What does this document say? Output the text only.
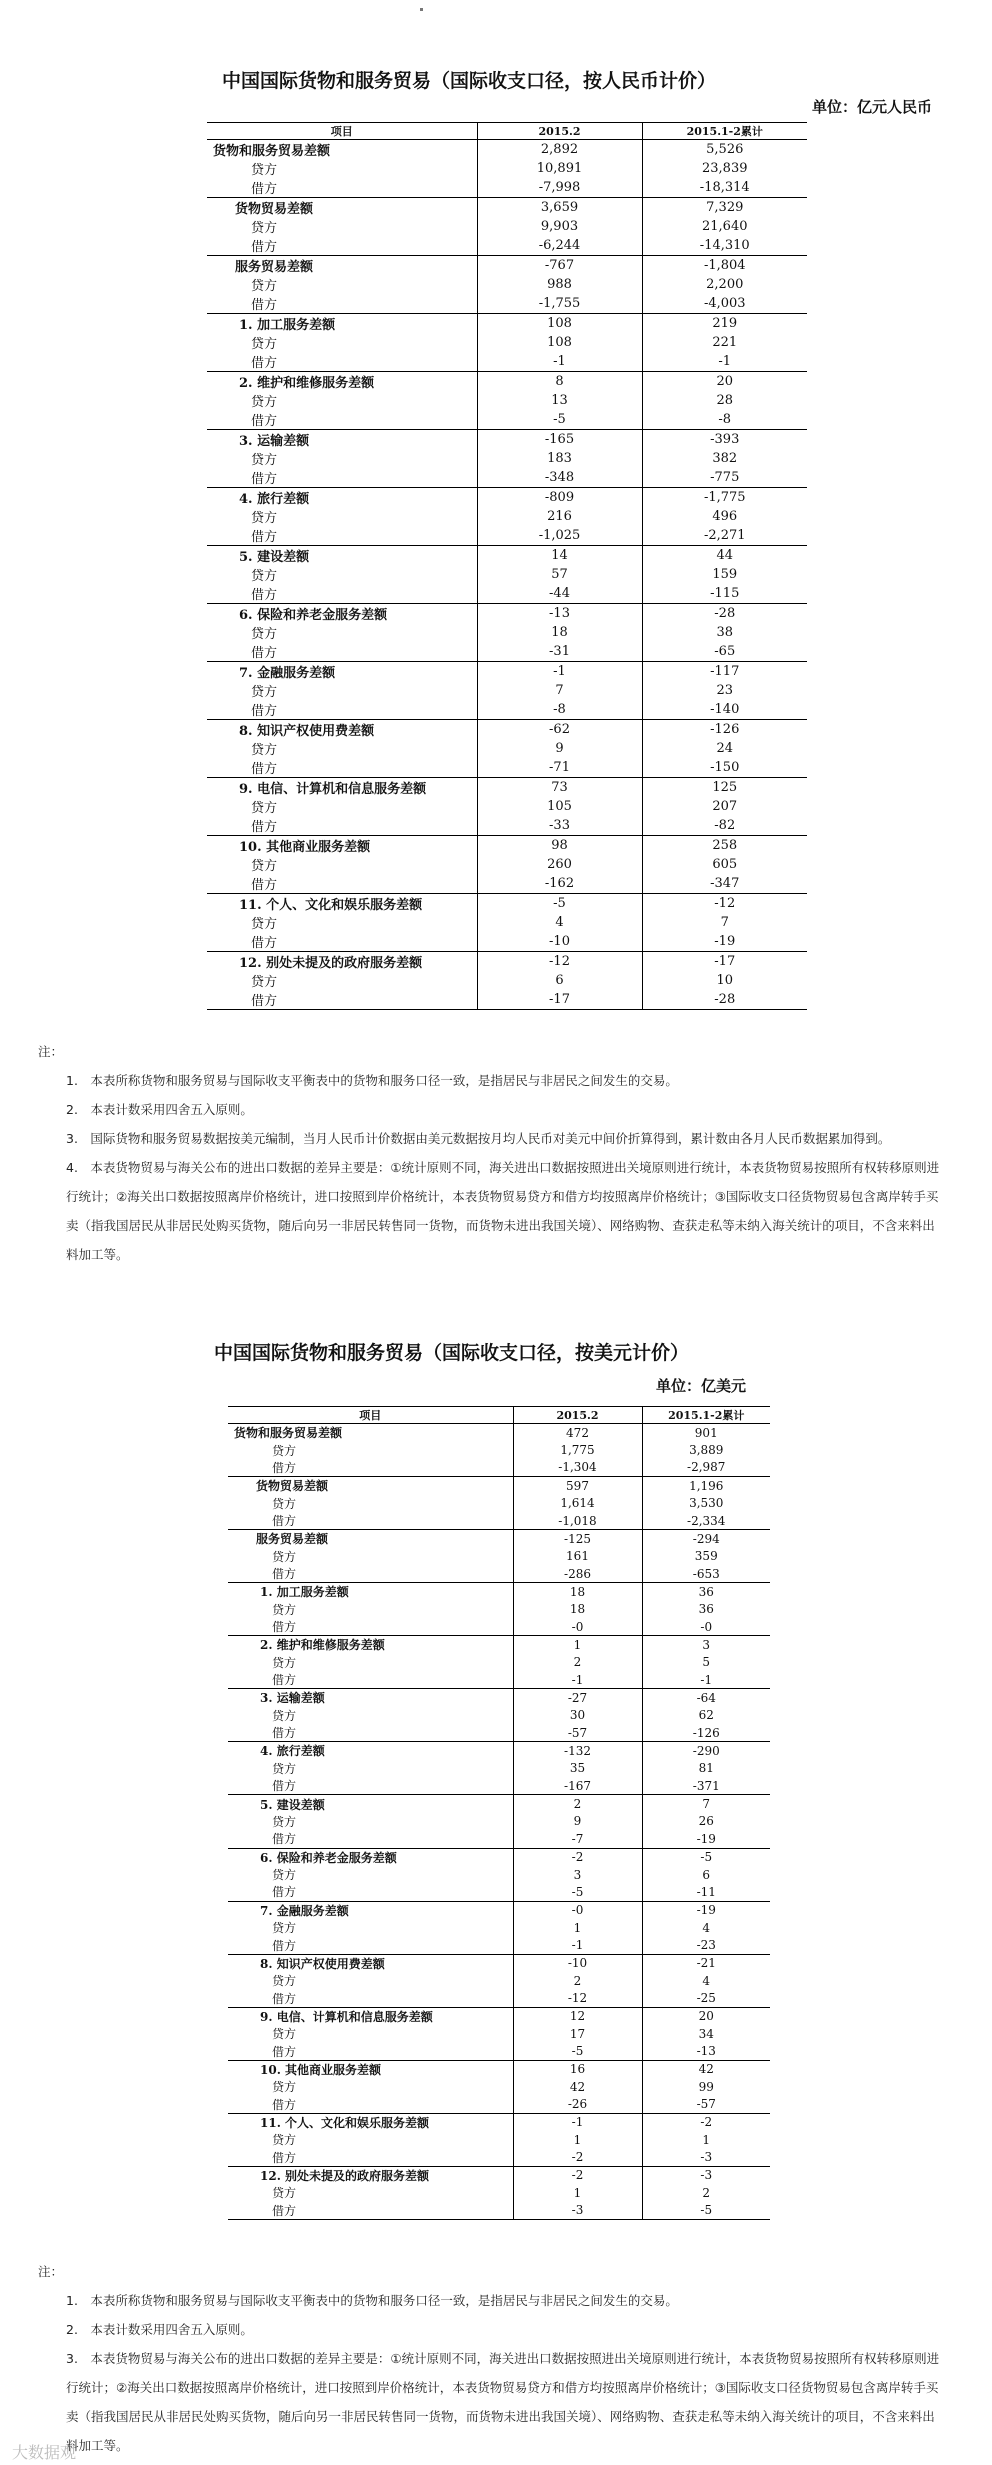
中国国际货物和服务贸易（国际收支口径，按人民币计价）
单位：亿元人民币
项目	2015.2	2015.1-2累计
货物和服务贸易差额	2,892	5,526
贷方	10,891	23,839
借方	-7,998	-18,314
货物贸易差额	3,659	7,329
贷方	9,903	21,640
借方	-6,244	-14,310
服务贸易差额	-767	-1,804
贷方	988	2,200
借方	-1,755	-4,003
1. 加工服务差额	108	219
贷方	108	221
借方	-1	-1
2. 维护和维修服务差额	8	20
贷方	13	28
借方	-5	-8
3. 运输差额	-165	-393
贷方	183	382
借方	-348	-775
4. 旅行差额	-809	-1,775
贷方	216	496
借方	-1,025	-2,271
5. 建设差额	14	44
贷方	57	159
借方	-44	-115
6. 保险和养老金服务差额	-13	-28
贷方	18	38
借方	-31	-65
7. 金融服务差额	-1	-117
贷方	7	23
借方	-8	-140
8. 知识产权使用费差额	-62	-126
贷方	9	24
借方	-71	-150
9. 电信、计算机和信息服务差额	73	125
贷方	105	207
借方	-33	-82
10. 其他商业服务差额	98	258
贷方	260	605
借方	-162	-347
11. 个人、文化和娱乐服务差额	-5	-12
贷方	4	7
借方	-10	-19
12. 别处未提及的政府服务差额	-12	-17
贷方	6	10
借方	-17	-28

注：

1.　本表所称货物和服务贸易与国际收支平衡表中的货物和服务口径一致，是指居民与非居民之间发生的交易。

2.　本表计数采用四舍五入原则。

3.　国际货物和服务贸易数据按美元编制，当月人民币计价数据由美元数据按月均人民币对美元中间价折算得到，累计数由各月人民币数据累加得到。

4.　本表货物贸易与海关公布的进出口数据的差异主要是：①统计原则不同，海关进出口数据按照进出关境原则进行统计，本表货物贸易按照所有权转移原则进行统计；②海关出口数据按照离岸价格统计，进口按照到岸价格统计，本表货物贸易贷方和借方均按照离岸价格统计；③国际收支口径货物贸易包含离岸转手买卖（指我国居民从非居民处购买货物，随后向另一非居民转售同一货物，而货物未进出我国关境）、网络购物、查获走私等未纳入海关统计的项目，不含来料出料加工等。

中国国际货物和服务贸易（国际收支口径，按美元计价）
单位：亿美元
项目	2015.2	2015.1-2累计
货物和服务贸易差额	472	901
贷方	1,775	3,889
借方	-1,304	-2,987
货物贸易差额	597	1,196
贷方	1,614	3,530
借方	-1,018	-2,334
服务贸易差额	-125	-294
贷方	161	359
借方	-286	-653
1. 加工服务差额	18	36
贷方	18	36
借方	-0	-0
2. 维护和维修服务差额	1	3
贷方	2	5
借方	-1	-1
3. 运输差额	-27	-64
贷方	30	62
借方	-57	-126
4. 旅行差额	-132	-290
贷方	35	81
借方	-167	-371
5. 建设差额	2	7
贷方	9	26
借方	-7	-19
6. 保险和养老金服务差额	-2	-5
贷方	3	6
借方	-5	-11
7. 金融服务差额	-0	-19
贷方	1	4
借方	-1	-23
8. 知识产权使用费差额	-10	-21
贷方	2	4
借方	-12	-25
9. 电信、计算机和信息服务差额	12	20
贷方	17	34
借方	-5	-13
10. 其他商业服务差额	16	42
贷方	42	99
借方	-26	-57
11. 个人、文化和娱乐服务差额	-1	-2
贷方	1	1
借方	-2	-3
12. 别处未提及的政府服务差额	-2	-3
贷方	1	2
借方	-3	-5

注：

1.　本表所称货物和服务贸易与国际收支平衡表中的货物和服务口径一致，是指居民与非居民之间发生的交易。

2.　本表计数采用四舍五入原则。

3.　本表货物贸易与海关公布的进出口数据的差异主要是：①统计原则不同，海关进出口数据按照进出关境原则进行统计，本表货物贸易按照所有权转移原则进行统计；②海关出口数据按照离岸价格统计，进口按照到岸价格统计，本表货物贸易贷方和借方均按照离岸价格统计；③国际收支口径货物贸易包含离岸转手买卖（指我国居民从非居民处购买货物，随后向另一非居民转售同一货物，而货物未进出我国关境）、网络购物、查获走私等未纳入海关统计的项目，不含来料出料加工等。

大数据观
